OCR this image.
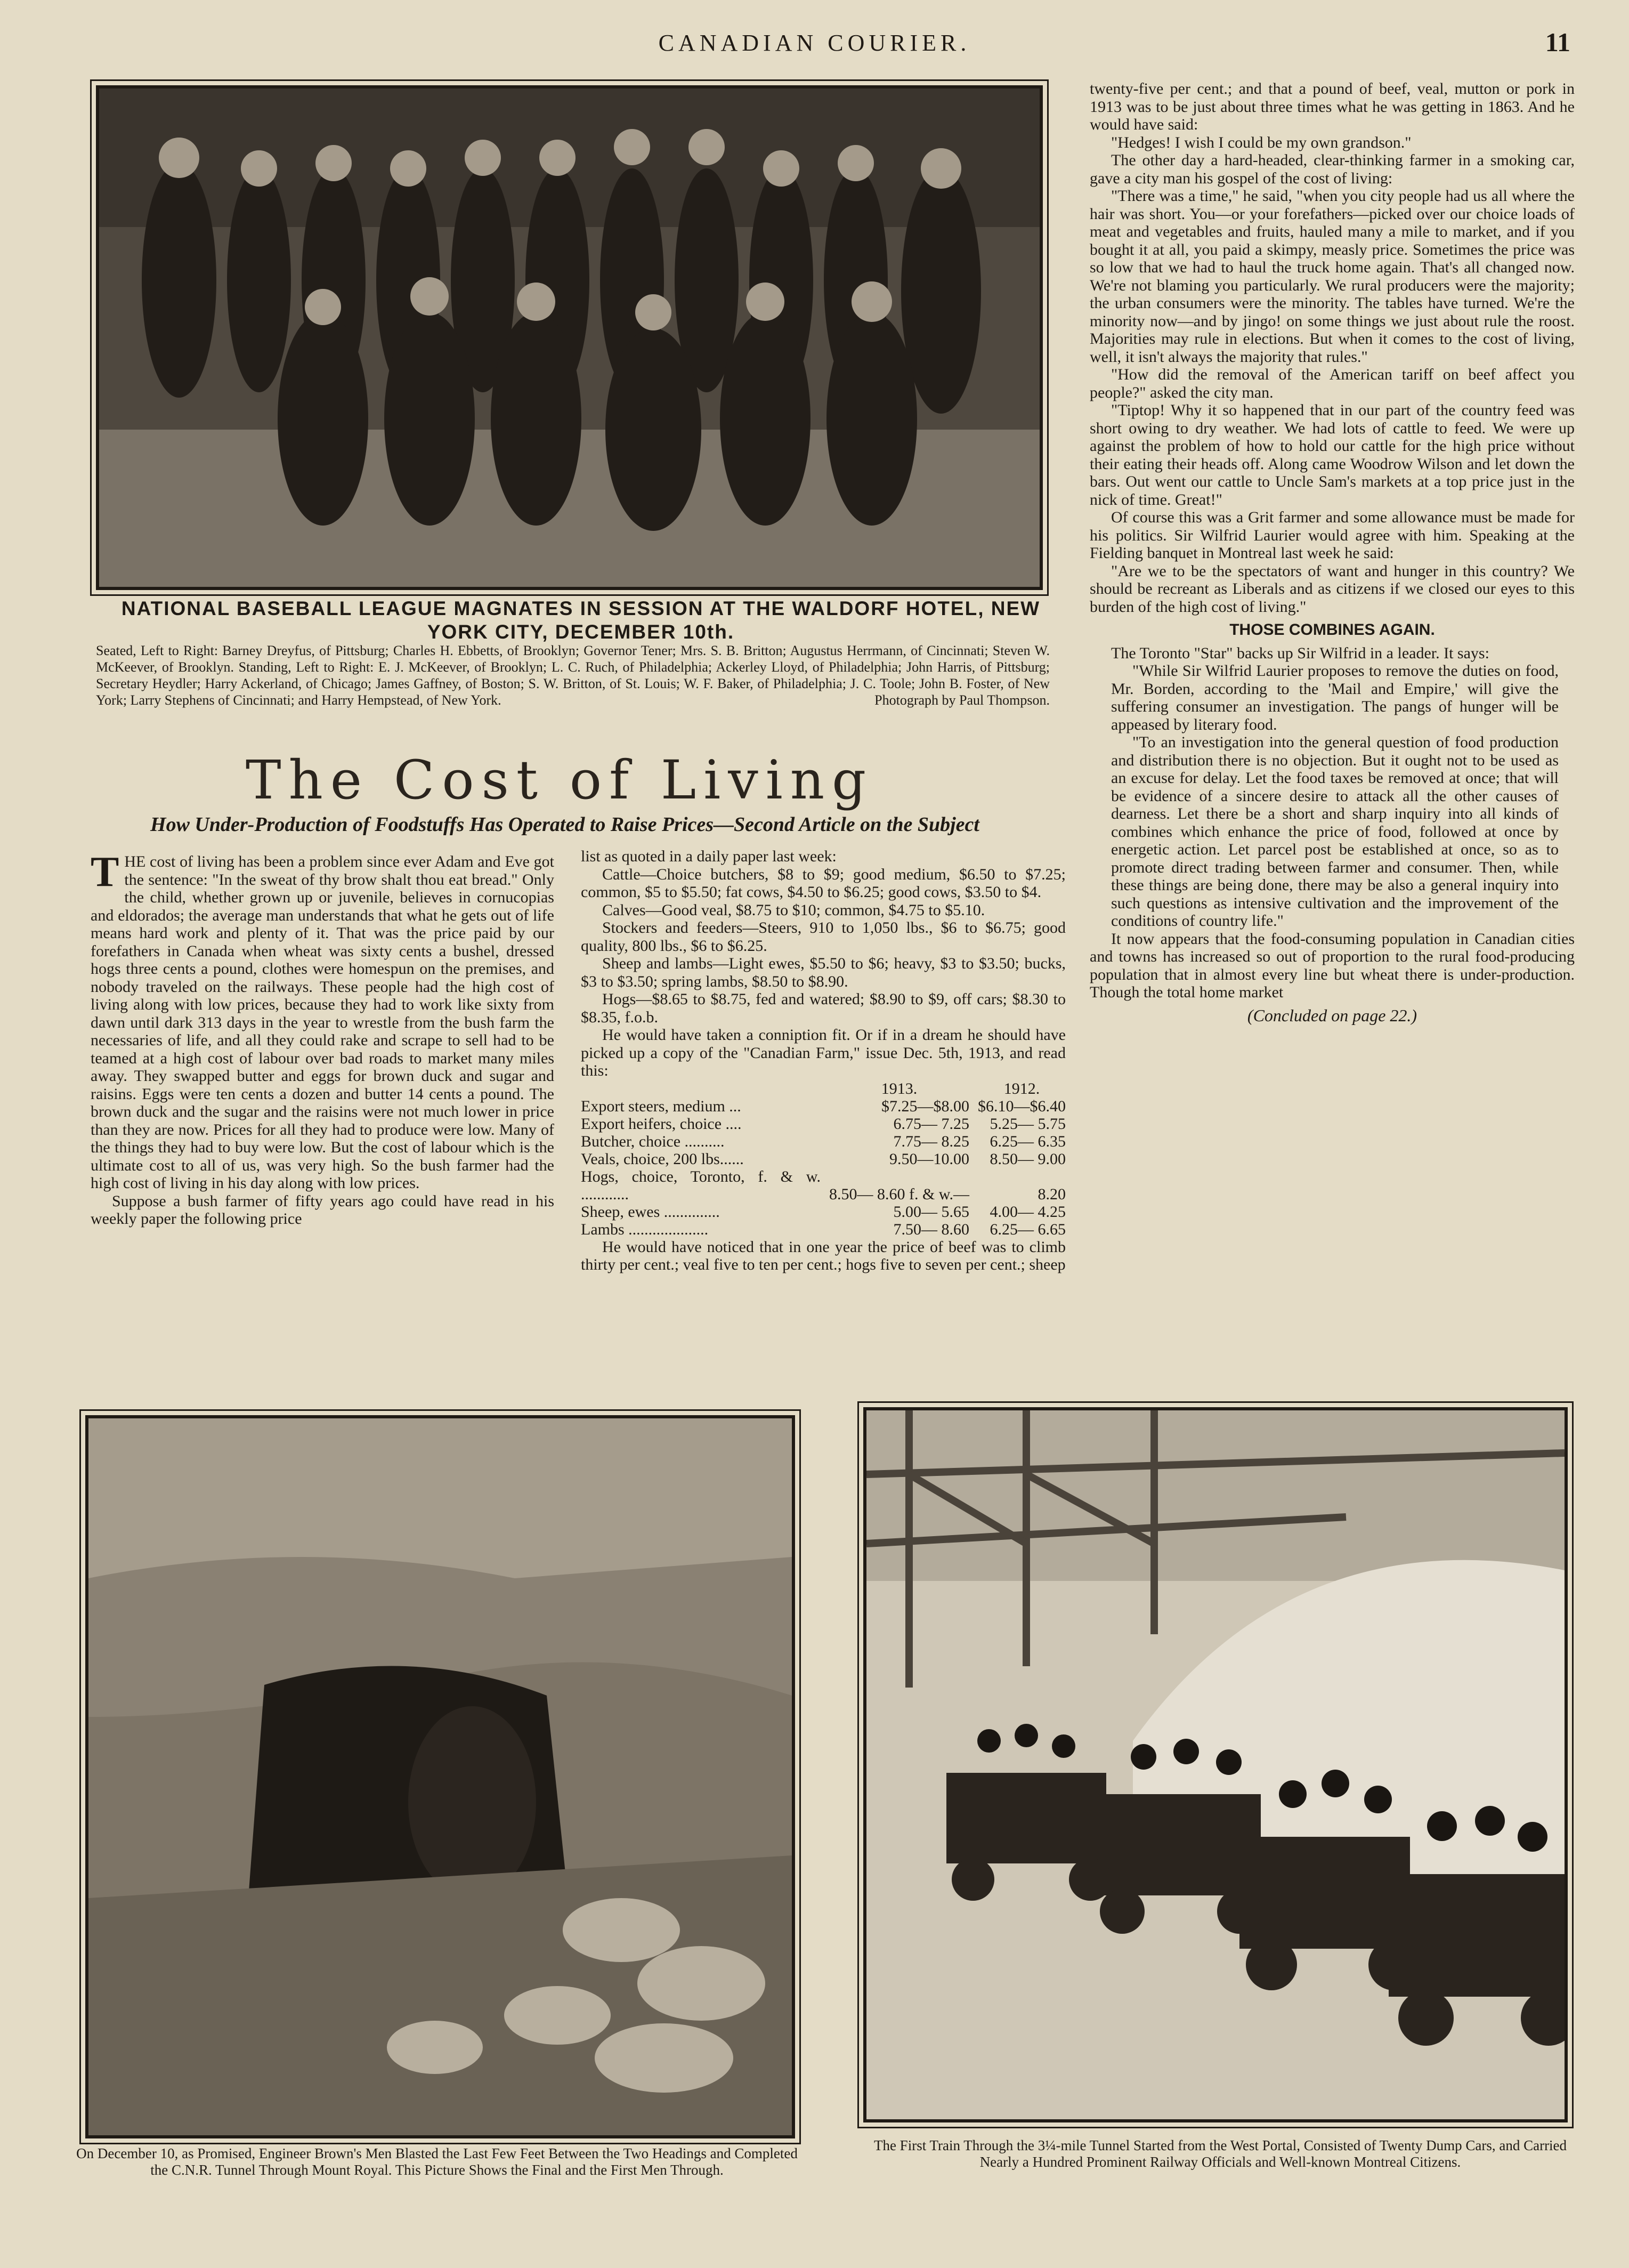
CANADIAN COURIER.	11
NATIONAL BASEBALL LEAGUE MAGNATES IN SESSION AT THE WALDORF HOTEL, NEW YORK CITY, DECEMBER 10th.
Seated, Left to Right: Barney Dreyfus, of Pittsburg; Charles H. Ebbetts, of Brooklyn; Governor Tener; Mrs. S. B. Britton; Augustus Herrmann, of Cincinnati; Steven W. McKeever, of Brooklyn. Standing, Left to Right: E. J. McKeever, of Brooklyn; L. C. Ruch, of Philadelphia; Ackerley Lloyd, of Philadelphia; John Harris, of Pittsburg; Secretary Heydler; Harry Ackerland, of Chicago; James Gaffney, of Boston; S. W. Britton, of St. Louis; W. F. Baker, of Philadelphia; J. C. Toole; John B. Foster, of New York; Larry Stephens of Cincinnati; and Harry Hempstead, of New York.	Photograph by Paul Thompson.
The Cost of Living
How Under-Production of Foodstuffs Has Operated to Raise Prices—Second Article on the Subject

THE cost of living has been a problem since ever Adam and Eve got the sentence: "In the sweat of thy brow shalt thou eat bread." Only the child, whether grown up or juvenile, believes in cornucopias and eldorados; the average man understands that what he gets out of life means hard work and plenty of it. That was the price paid by our forefathers in Canada when wheat was sixty cents a bushel, dressed hogs three cents a pound, clothes were homespun on the premises, and nobody traveled on the railways. These people had the high cost of living along with low prices, because they had to work like sixty from dawn until dark 313 days in the year to wrestle from the bush farm the necessaries of life, and all they could rake and scrape to sell had to be teamed at a high cost of labour over bad roads to market many miles away. They swapped butter and eggs for brown duck and sugar and raisins. Eggs were ten cents a dozen and butter 14 cents a pound. The brown duck and the sugar and the raisins were not much lower in price than they are now. Prices for all they had to produce were low. Many of the things they had to buy were low. But the cost of labour which is the ultimate cost to all of us, was very high. So the bush farmer had the high cost of living in his day along with low prices.

Suppose a bush farmer of fifty years ago could have read in his weekly paper the following price

list as quoted in a daily paper last week:

Cattle—Choice butchers, $8 to $9; good medium, $6.50 to $7.25; common, $5 to $5.50; fat cows, $4.50 to $6.25; good cows, $3.50 to $4.

Calves—Good veal, $8.75 to $10; common, $4.75 to $5.10.

Stockers and feeders—Steers, 910 to 1,050 lbs., $6 to $6.75; good quality, 800 lbs., $6 to $6.25.

Sheep and lambs—Light ewes, $5.50 to $6; heavy, $3 to $3.50; bucks, $3 to $3.50; spring lambs, $8.50 to $8.90.

Hogs—$8.65 to $8.75, fed and watered; $8.90 to $9, off cars; $8.30 to $8.35, f.o.b.

He would have taken a conniption fit. Or if in a dream he should have picked up a copy of the "Canadian Farm," issue Dec. 5th, 1913, and read this:

	1913.	1912.
Export steers, medium ...	$7.25—$8.00	$6.10—$6.40
Export heifers, choice ....	6.75— 7.25	5.25— 5.75
Butcher, choice ..........	7.75— 8.25	6.25— 6.35
Veals, choice, 200 lbs......	9.50—10.00	8.50— 9.00
Hogs, choice, Toronto, f. & w. ............	8.50— 8.60 f. & w.—	8.20
Sheep, ewes ..............	5.00— 5.65	4.00— 4.25
Lambs ....................	7.50— 8.60	6.25— 6.65

He would have noticed that in one year the price of beef was to climb thirty per cent.; veal five to ten per cent.; hogs five to seven per cent.; sheep

twenty-five per cent.; and that a pound of beef, veal, mutton or pork in 1913 was to be just about three times what he was getting in 1863. And he would have said:

"Hedges! I wish I could be my own grandson."

The other day a hard-headed, clear-thinking farmer in a smoking car, gave a city man his gospel of the cost of living:

"There was a time," he said, "when you city people had us all where the hair was short. You—or your forefathers—picked over our choice loads of meat and vegetables and fruits, hauled many a mile to market, and if you bought it at all, you paid a skimpy, measly price. Sometimes the price was so low that we had to haul the truck home again. That's all changed now. We're not blaming you particularly. We rural producers were the majority; the urban consumers were the minority. The tables have turned. We're the minority now—and by jingo! on some things we just about rule the roost. Majorities may rule in elections. But when it comes to the cost of living, well, it isn't always the majority that rules."

"How did the removal of the American tariff on beef affect you people?" asked the city man.

"Tiptop! Why it so happened that in our part of the country feed was short owing to dry weather. We had lots of cattle to feed. We were up against the problem of how to hold our cattle for the high price without their eating their heads off. Along came Woodrow Wilson and let down the bars. Out went our cattle to Uncle Sam's markets at a top price just in the nick of time. Great!"

Of course this was a Grit farmer and some allowance must be made for his politics. Sir Wilfrid Laurier would agree with him. Speaking at the Fielding banquet in Montreal last week he said:

"Are we to be the spectators of want and hunger in this country? We should be recreant as Liberals and as citizens if we closed our eyes to this burden of the high cost of living."

THOSE COMBINES AGAIN.

The Toronto "Star" backs up Sir Wilfrid in a leader. It says:

"While Sir Wilfrid Laurier proposes to remove the duties on food, Mr. Borden, according to the 'Mail and Empire,' will give the suffering consumer an investigation. The pangs of hunger will be appeased by literary food.

"To an investigation into the general question of food production and distribution there is no objection. But it ought not to be used as an excuse for delay. Let the food taxes be removed at once; that will be evidence of a sincere desire to attack all the other causes of dearness. Let there be a short and sharp inquiry into all kinds of combines which enhance the price of food, followed at once by energetic action. Let parcel post be established at once, so as to promote direct trading between farmer and consumer. Then, while these things are being done, there may be also a general inquiry into such questions as intensive cultivation and the improvement of the conditions of country life."

It now appears that the food-consuming population in Canadian cities and towns has increased so out of proportion to the rural food-producing population that in almost every line but wheat there is under-production. Though the total home market

(Concluded on page 22.)

On December 10, as Promised, Engineer Brown's Men Blasted the Last Few Feet Between the Two Headings and Completed the C.N.R. Tunnel Through Mount Royal. This Picture Shows the Final and the First Men Through.
The First Train Through the 3¼-mile Tunnel Started from the West Portal, Consisted of Twenty Dump Cars, and Carried Nearly a Hundred Prominent Railway Officials and Well-known Montreal Citizens.
